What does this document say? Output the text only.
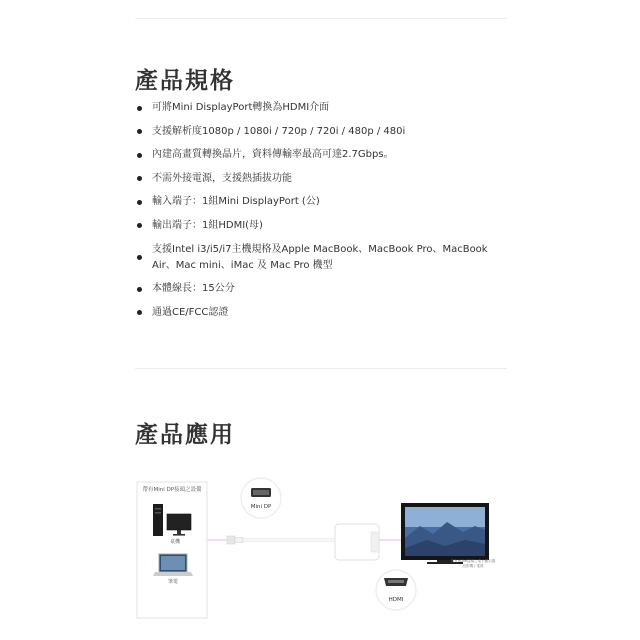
產品規格
可將Mini DisplayPort轉換為HDMI介面
支援解析度1080p / 1080i / 720p / 720i / 480p / 480i
內建高畫質轉換晶片，資料傳輸率最高可達2.7Gbps。
不需外接電源，支援熱插拔功能
輸入端子：1組Mini DisplayPort (公)
輸出端子：1組HDMI(母)
支援Intel i3/i5/i7主機規格及Apple MacBook、MacBook Pro、MacBook Air、Mac mini、iMac 及 Mac Pro 機型
本體線長：15公分
通過CE/FCC認證
產品應用
帶有Mini DP接頭之設備
桌機
筆電
Mini DP
HDMI
具有HDMI接頭之電子顯示器
投影機 / 電視
